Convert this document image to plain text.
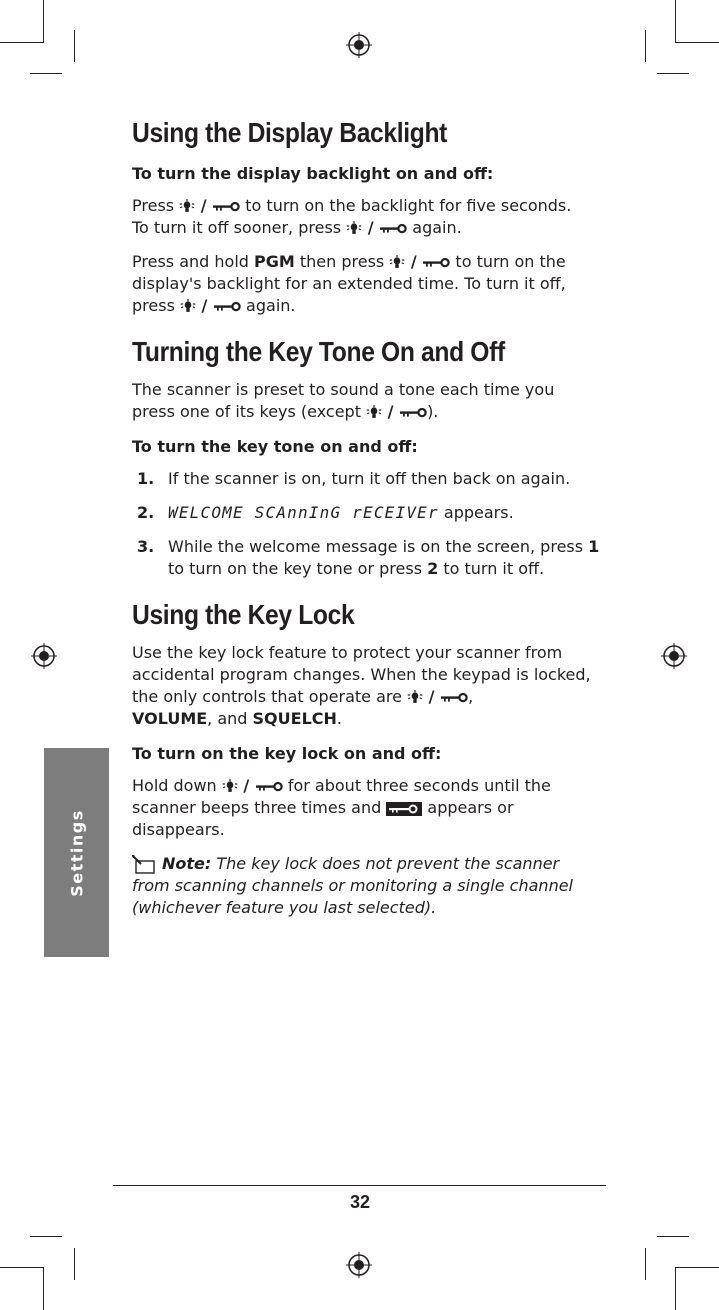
Settings
Using the Display Backlight

To turn the display backlight on and off:

Press  /  to turn on the backlight for five seconds.
To turn it off sooner, press  /  again.

Press and hold PGM then press  /  to turn on the display's backlight for an extended time. To turn it off, press  /  again.

Turning the Key Tone On and Off

The scanner is preset to sound a tone each time you press one of its keys (except  / ).

To turn the key tone on and off:

1. If the scanner is on, turn it off then back on again.
2. WELCOME SCAnnInG rECEIVEr appears.
3. While the welcome message is on the screen, press 1 to turn on the key tone or press 2 to turn it off.
Using the Key Lock

Use the key lock feature to protect your scanner from accidental program changes. When the keypad is locked, the only controls that operate are  / ,
VOLUME, and SQUELCH.

To turn on the key lock on and off:

Hold down  /  for about three seconds until the scanner beeps three times and  appears or disappears.

Note: The key lock does not prevent the scanner from scanning channels or monitoring a single channel (whichever feature you last selected).

32
